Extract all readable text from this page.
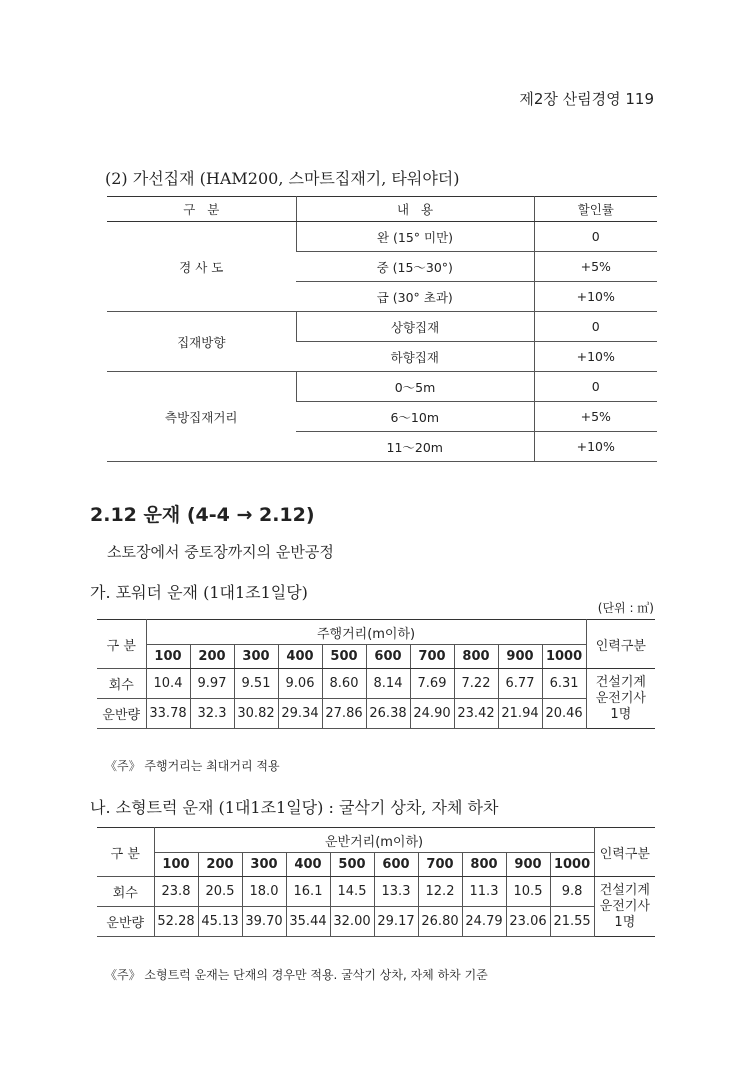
제2장 산림경영 119
(2) 가선집재 (HAM200, 스마트집재기, 타워야더)
구   분	내   용	할인률
경 사 도	완 (15° 미만)	0
	중 (15～30°)	+5%
	급 (30° 초과)	+10%
집재방향	상향집재	0
	하향집재	+10%
측방집재거리	0～5m	0
	6～10m	+5%
	11～20m	+10%
2.12 운재 (4-4 → 2.12)
소토장에서 중토장까지의 운반공정
가. 포워더 운재 (1대1조1일당)
(단위 : ㎥)
구 분	주행거리(m이하)										인력구분
	100	200	300	400	500	600	700	800	900	1000	
회수	10.4	9.97	9.51	9.06	8.60	8.14	7.69	7.22	6.77	6.31	건설기계
운전기사
1명

운반량	33.78	32.3	30.82	29.34	27.86	26.38	24.90	23.42	21.94	20.46	
《주》 주행거리는 최대거리 적용
나. 소형트럭 운재 (1대1조1일당) : 굴삭기 상차, 자체 하차
구 분	운반거리(m이하)										인력구분
	100	200	300	400	500	600	700	800	900	1000	
회수	23.8	20.5	18.0	16.1	14.5	13.3	12.2	11.3	10.5	9.8	건설기계
운전기사
1명

운반량	52.28	45.13	39.70	35.44	32.00	29.17	26.80	24.79	23.06	21.55	
《주》 소형트럭 운재는 단재의 경우만 적용. 굴삭기 상차, 자체 하차 기준
